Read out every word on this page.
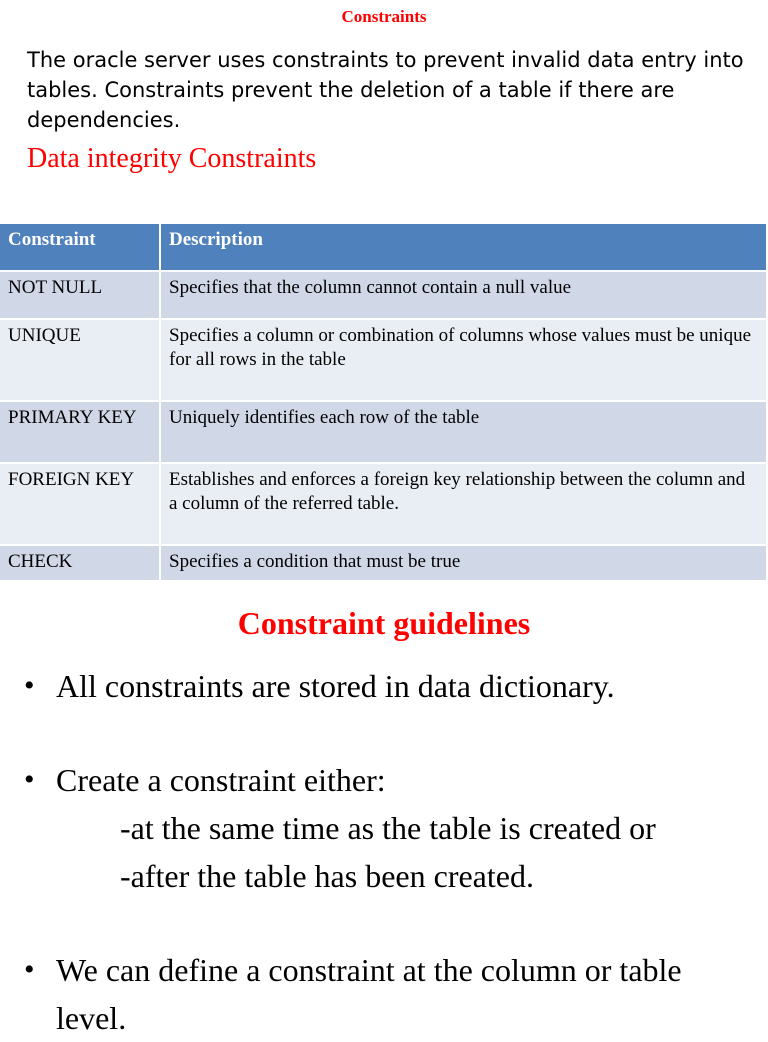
Constraints
The oracle server uses constraints to prevent invalid data entry into tables. Constraints prevent the deletion of a table if there are dependencies.
Data integrity Constraints
Constraint	Description
NOT NULL	Specifies that the column cannot contain a null value
UNIQUE	Specifies a column or combination of columns whose values must be unique for all rows in the table
PRIMARY KEY	Uniquely identifies each row of the table
FOREIGN KEY	Establishes and enforces a foreign key relationship between the column and a column of the referred table.
CHECK	Specifies a condition that must be true
Constraint guidelines
• All constraints are stored in data dictionary.
• Create a constraint either:
-at the same time as the table is created or
-after the table has been created.
• We can define a constraint at the column or table level.
